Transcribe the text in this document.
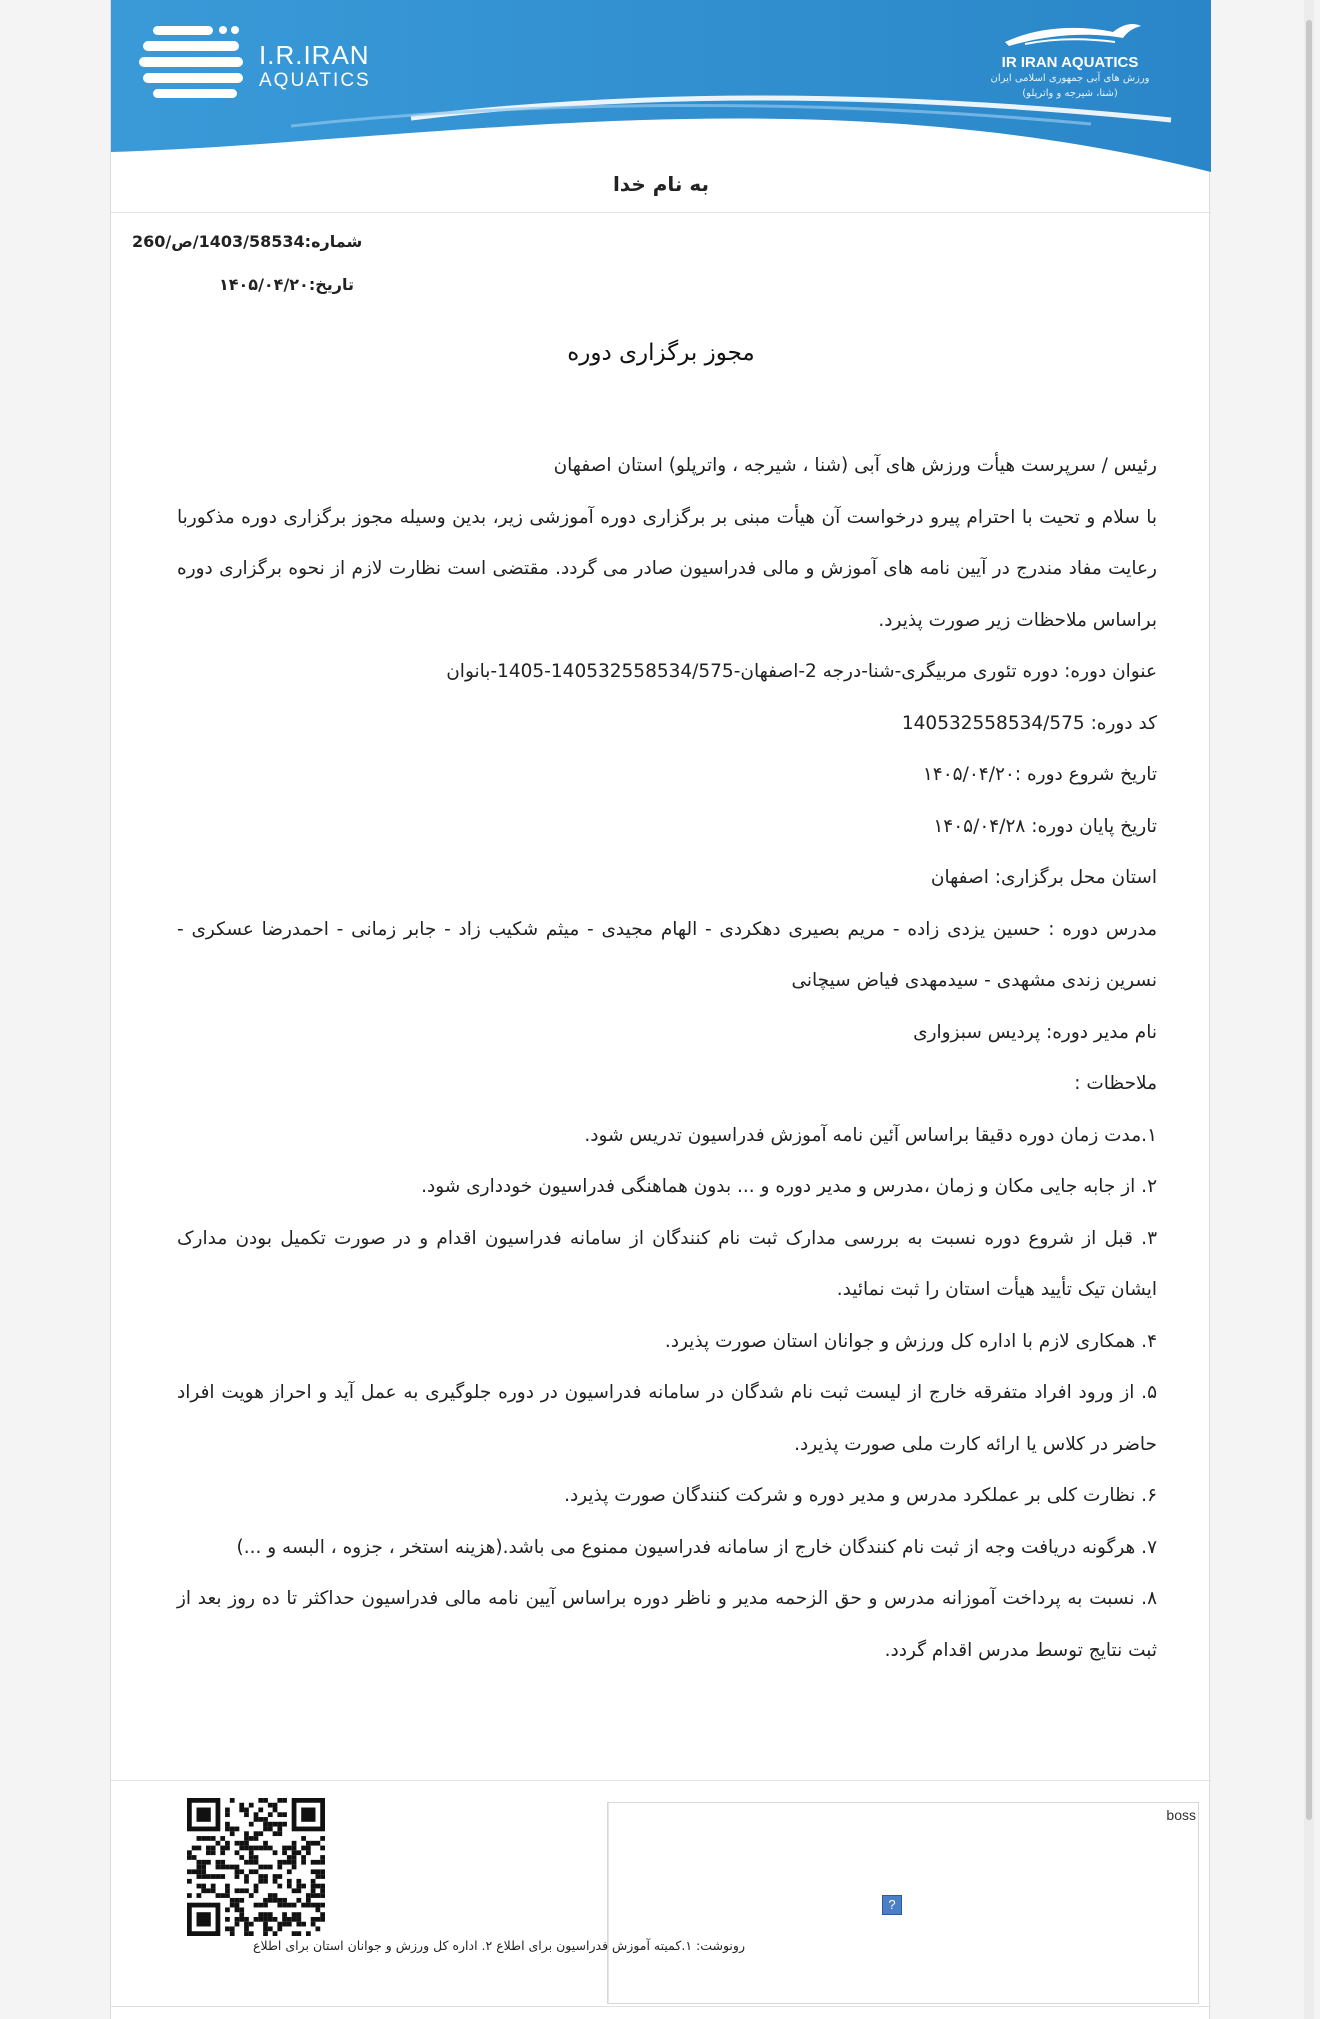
I.R.IRAN
AQUATICS
IR IRAN AQUATICS
ورزش های آبی جمهوری اسلامی ایران
(شنا، شیرجه و واترپلو)
به نام خدا
شماره:1403/58534/ص/260
تاریخ:۱۴۰۵/۰۴/۲۰
مجوز برگزاری دوره

رئیس / سرپرست هیأت ورزش های آبی (شنا ، شیرجه ، واترپلو) استان اصفهان

با سلام و تحیت با احترام پیرو درخواست آن هیأت مبنی بر برگزاری دوره آموزشی زیر، بدین وسیله مجوز برگزاری دوره مذکوربا رعایت مفاد مندرج در آیین نامه های آموزش و مالی فدراسیون صادر می گردد. مقتضی است نظارت لازم از نحوه برگزاری دوره براساس ملاحظات زیر صورت پذیرد.

عنوان دوره: دوره تئوری مربیگری-شنا-درجه 2-اصفهان-140532558534/575-1405-بانوان

کد دوره: 140532558534/575

تاریخ شروع دوره :۱۴۰۵/۰۴/۲۰

تاریخ پایان دوره: ۱۴۰۵/۰۴/۲۸

استان محل برگزاری: اصفهان

مدرس دوره : حسین یزدی زاده - مریم بصیری دهکردی - الهام مجیدی - میثم شکیب زاد - جابر زمانی - احمدرضا عسکری - نسرین زندی مشهدی - سیدمهدی فیاض سیچانی

نام مدیر دوره: پردیس سبزواری

ملاحظات :

۱.مدت زمان دوره دقیقا براساس آئین نامه آموزش فدراسیون تدریس شود.

۲. از جابه جایی مکان و زمان ،مدرس و مدیر دوره و ... بدون هماهنگی فدراسیون خودداری شود.

۳. قبل از شروع دوره نسبت به بررسی مدارک ثبت نام کنندگان از سامانه فدراسیون اقدام و در صورت تکمیل بودن مدارک ایشان تیک تأیید هیأت استان را ثبت نمائید.

۴. همکاری لازم با اداره کل ورزش و جوانان استان صورت پذیرد.

۵. از ورود افراد متفرقه خارج از لیست ثبت نام شدگان در سامانه فدراسیون در دوره جلوگیری به عمل آید و احراز هویت افراد حاضر در کلاس یا ارائه کارت ملی صورت پذیرد.

۶. نظارت کلی بر عملکرد مدرس و مدیر دوره و شرکت کنندگان صورت پذیرد.

۷. هرگونه دریافت وجه از ثبت نام کنندگان خارج از سامانه فدراسیون ممنوع می باشد.(هزینه استخر ، جزوه ، البسه و ...)

۸. نسبت به پرداخت آموزانه مدرس و حق الزحمه مدیر و ناظر دوره براساس آیین نامه مالی فدراسیون حداکثر تا ده روز بعد از ثبت نتایج توسط مدرس اقدام گردد.

boss
?
رونوشت: ۱.کمیته آموزش فدراسیون برای اطلاع ۲. اداره کل ورزش و جوانان استان برای اطلاع
